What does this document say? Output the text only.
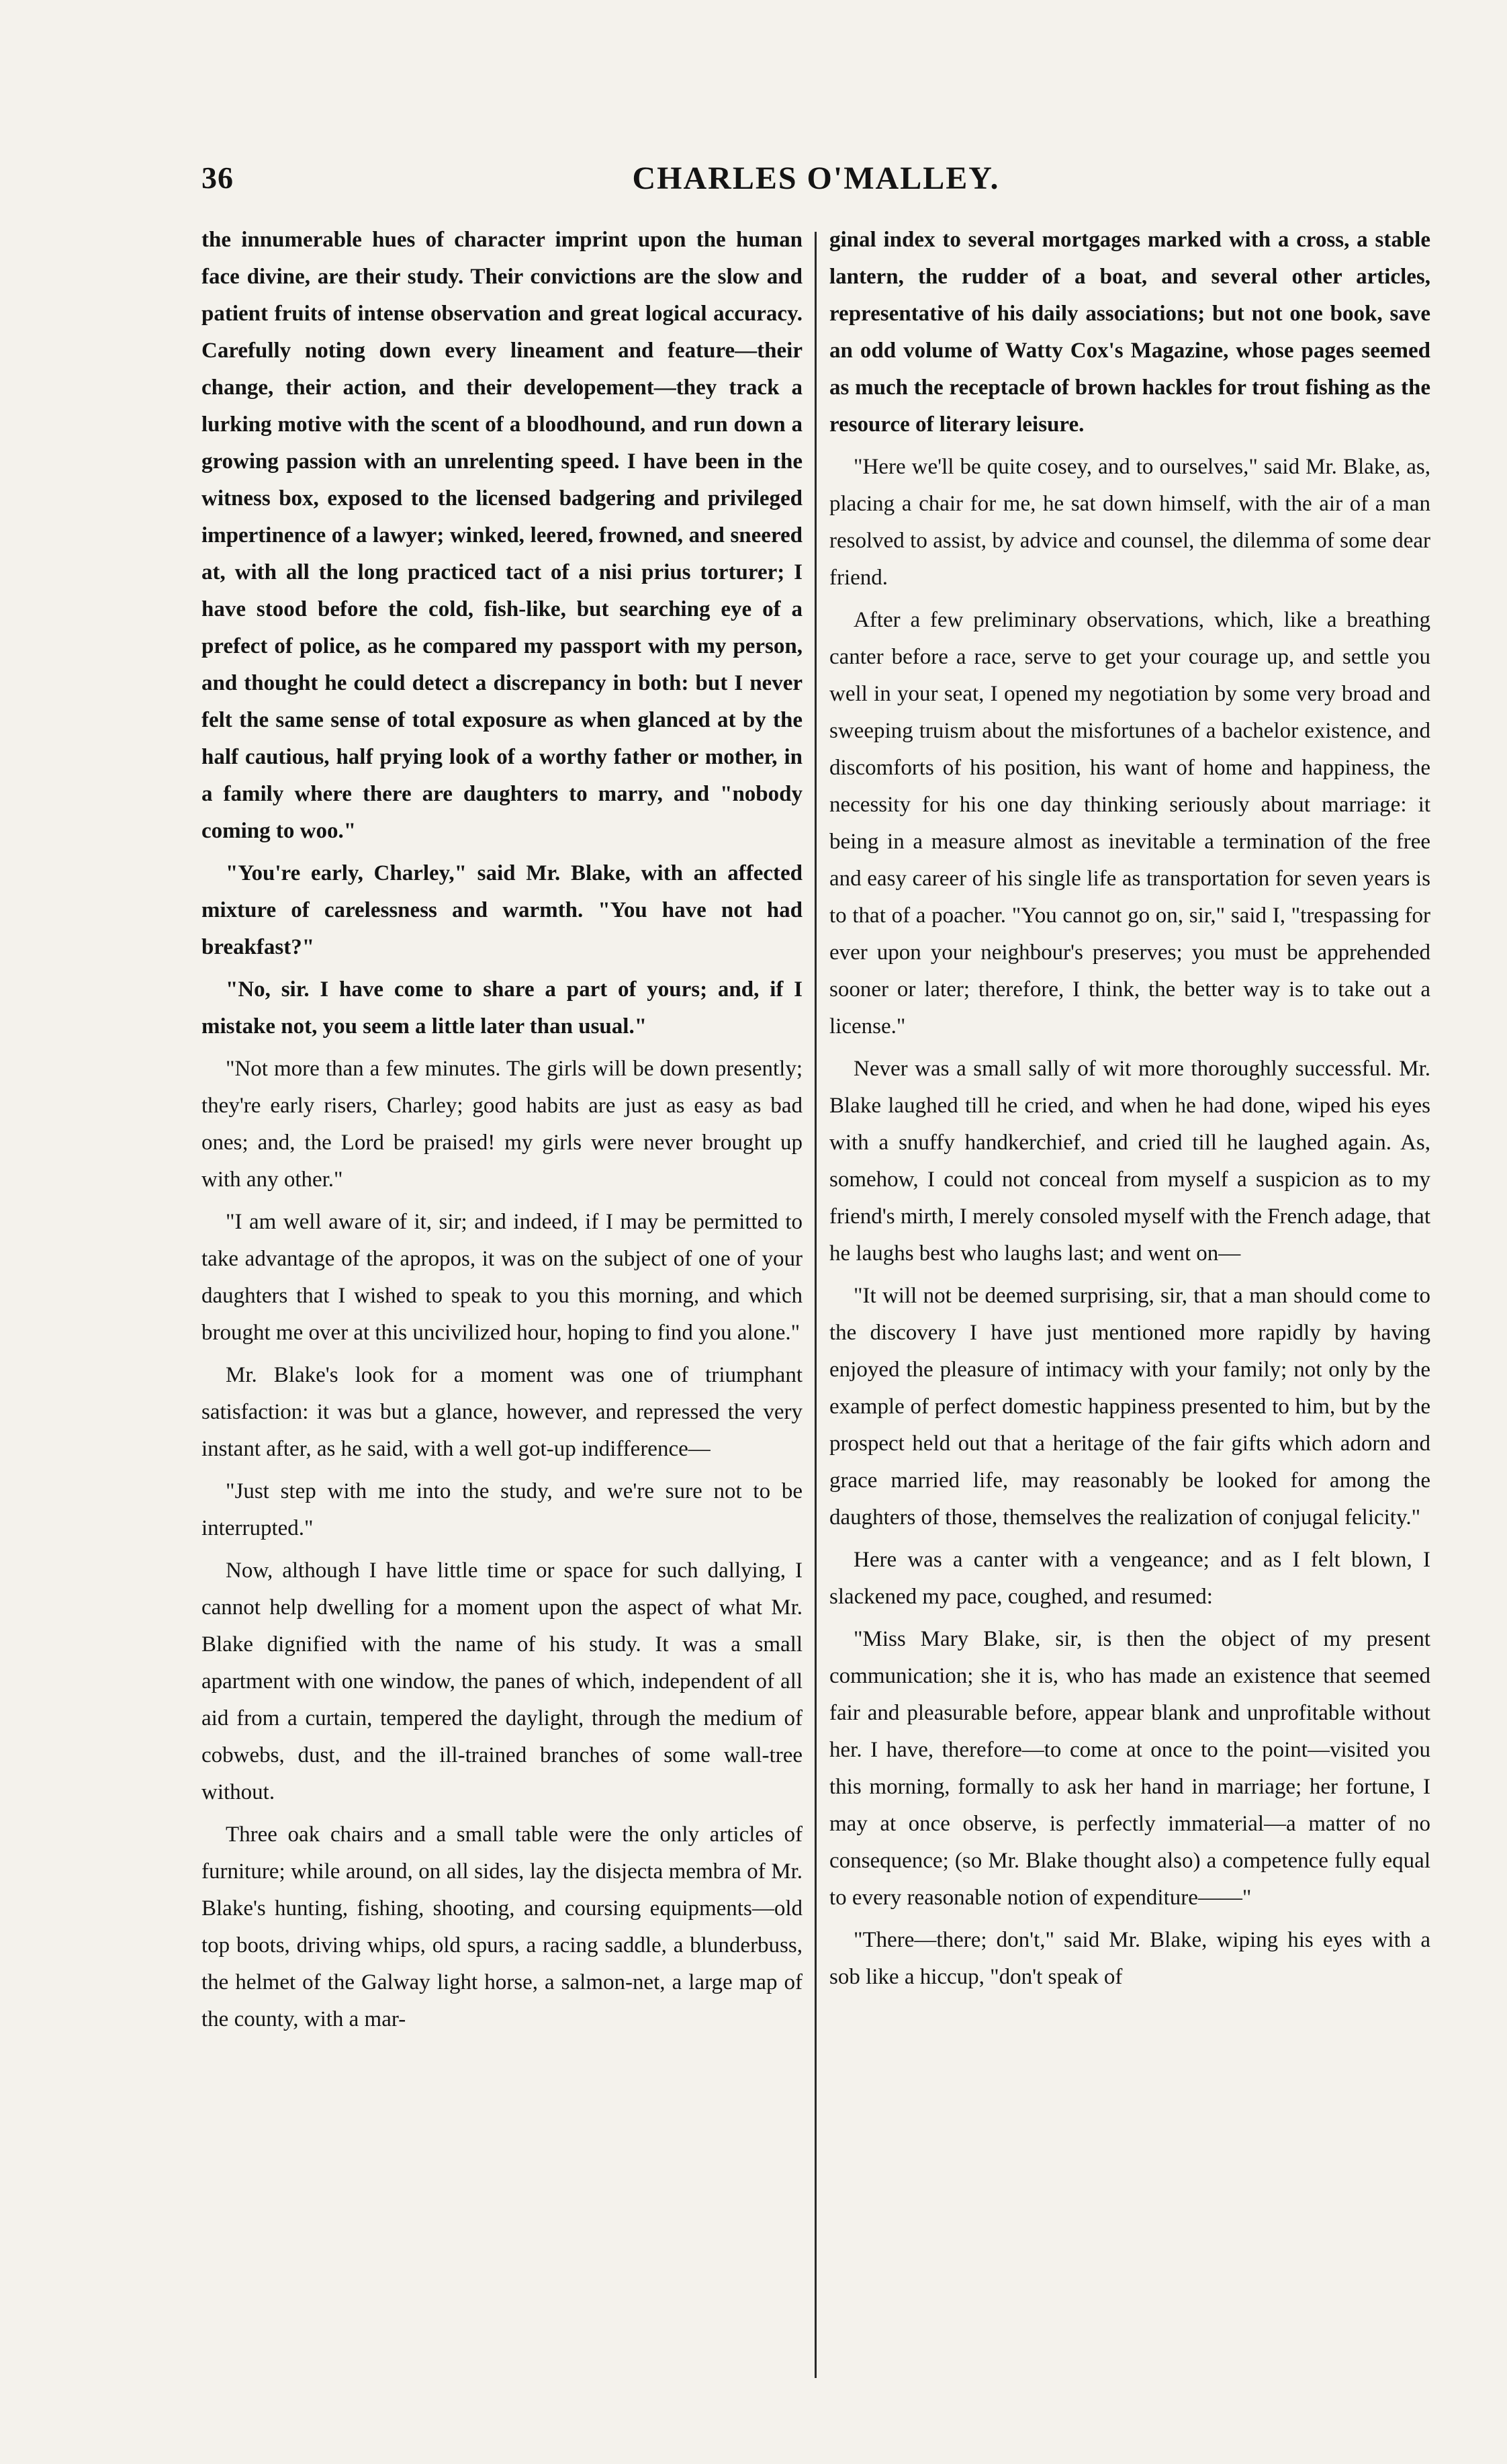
36	CHARLES O'MALLEY.

the innumerable hues of character imprint upon the human face divine, are their study. Their convictions are the slow and patient fruits of intense observation and great logical accuracy. Carefully noting down every lineament and feature—their change, their action, and their developement—they track a lurking motive with the scent of a bloodhound, and run down a growing passion with an unrelenting speed. I have been in the witness box, exposed to the licensed badgering and privileged impertinence of a lawyer; winked, leered, frowned, and sneered at, with all the long practiced tact of a nisi prius torturer; I have stood before the cold, fish-like, but searching eye of a prefect of police, as he compared my passport with my person, and thought he could detect a discrepancy in both: but I never felt the same sense of total exposure as when glanced at by the half cautious, half prying look of a worthy father or mother, in a family where there are daughters to marry, and "nobody coming to woo."

"You're early, Charley," said Mr. Blake, with an affected mixture of carelessness and warmth. "You have not had breakfast?"

"No, sir. I have come to share a part of yours; and, if I mistake not, you seem a little later than usual."

"Not more than a few minutes. The girls will be down presently; they're early risers, Charley; good habits are just as easy as bad ones; and, the Lord be praised! my girls were never brought up with any other."

"I am well aware of it, sir; and indeed, if I may be permitted to take advantage of the apropos, it was on the subject of one of your daughters that I wished to speak to you this morning, and which brought me over at this uncivilized hour, hoping to find you alone."

Mr. Blake's look for a moment was one of triumphant satisfaction: it was but a glance, however, and repressed the very instant after, as he said, with a well got-up indifference—

"Just step with me into the study, and we're sure not to be interrupted."

Now, although I have little time or space for such dallying, I cannot help dwelling for a moment upon the aspect of what Mr. Blake dignified with the name of his study. It was a small apartment with one window, the panes of which, independent of all aid from a curtain, tempered the daylight, through the medium of cobwebs, dust, and the ill-trained branches of some wall-tree without.

Three oak chairs and a small table were the only articles of furniture; while around, on all sides, lay the disjecta membra of Mr. Blake's hunting, fishing, shooting, and coursing equipments—old top boots, driving whips, old spurs, a racing saddle, a blunderbuss, the helmet of the Galway light horse, a salmon-net, a large map of the county, with a mar-

ginal index to several mortgages marked with a cross, a stable lantern, the rudder of a boat, and several other articles, representative of his daily associations; but not one book, save an odd volume of Watty Cox's Magazine, whose pages seemed as much the receptacle of brown hackles for trout fishing as the resource of literary leisure.

"Here we'll be quite cosey, and to ourselves," said Mr. Blake, as, placing a chair for me, he sat down himself, with the air of a man resolved to assist, by advice and counsel, the dilemma of some dear friend.

After a few preliminary observations, which, like a breathing canter before a race, serve to get your courage up, and settle you well in your seat, I opened my negotiation by some very broad and sweeping truism about the misfortunes of a bachelor existence, and discomforts of his position, his want of home and happiness, the necessity for his one day thinking seriously about marriage: it being in a measure almost as inevitable a termination of the free and easy career of his single life as transportation for seven years is to that of a poacher. "You cannot go on, sir," said I, "trespassing for ever upon your neighbour's preserves; you must be apprehended sooner or later; therefore, I think, the better way is to take out a license."

Never was a small sally of wit more thoroughly successful. Mr. Blake laughed till he cried, and when he had done, wiped his eyes with a snuffy handkerchief, and cried till he laughed again. As, somehow, I could not conceal from myself a suspicion as to my friend's mirth, I merely consoled myself with the French adage, that he laughs best who laughs last; and went on—

"It will not be deemed surprising, sir, that a man should come to the discovery I have just mentioned more rapidly by having enjoyed the pleasure of intimacy with your family; not only by the example of perfect domestic happiness presented to him, but by the prospect held out that a heritage of the fair gifts which adorn and grace married life, may reasonably be looked for among the daughters of those, themselves the realization of conjugal felicity."

Here was a canter with a vengeance; and as I felt blown, I slackened my pace, coughed, and resumed:

"Miss Mary Blake, sir, is then the object of my present communication; she it is, who has made an existence that seemed fair and pleasurable before, appear blank and unprofitable without her. I have, therefore—to come at once to the point—visited you this morning, formally to ask her hand in marriage; her fortune, I may at once observe, is perfectly immaterial—a matter of no consequence; (so Mr. Blake thought also) a competence fully equal to every reasonable notion of expenditure——"

"There—there; don't," said Mr. Blake, wiping his eyes with a sob like a hiccup, "don't speak of
